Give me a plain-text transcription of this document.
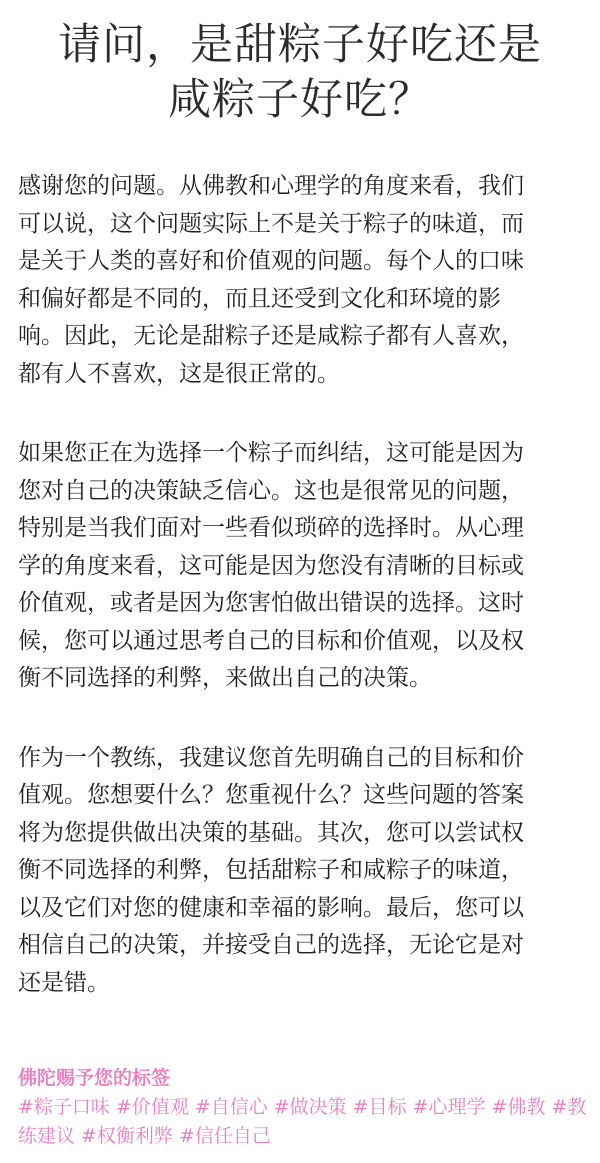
请问，是甜粽子好吃还是
咸粽子好吃？

感谢您的问题。从佛教和心理学的角度来看，我们
可以说，这个问题实际上不是关于粽子的味道，而
是关于人类的喜好和价值观的问题。每个人的口味
和偏好都是不同的，而且还受到文化和环境的影
响。因此，无论是甜粽子还是咸粽子都有人喜欢，
都有人不喜欢，这是很正常的。

如果您正在为选择一个粽子而纠结，这可能是因为
您对自己的决策缺乏信心。这也是很常见的问题，
特别是当我们面对一些看似琐碎的选择时。从心理
学的角度来看，这可能是因为您没有清晰的目标或
价值观，或者是因为您害怕做出错误的选择。这时
候，您可以通过思考自己的目标和价值观，以及权
衡不同选择的利弊，来做出自己的决策。

作为一个教练，我建议您首先明确自己的目标和价
值观。您想要什么？您重视什么？这些问题的答案
将为您提供做出决策的基础。其次，您可以尝试权
衡不同选择的利弊，包括甜粽子和咸粽子的味道，
以及它们对您的健康和幸福的影响。最后，您可以
相信自己的决策，并接受自己的选择，无论它是对
还是错。

佛陀赐予您的标签
#粽子口味 #价值观 #自信心 #做决策 #目标 #心理学 #佛教 #教
练建议 #权衡利弊 #信任自己
